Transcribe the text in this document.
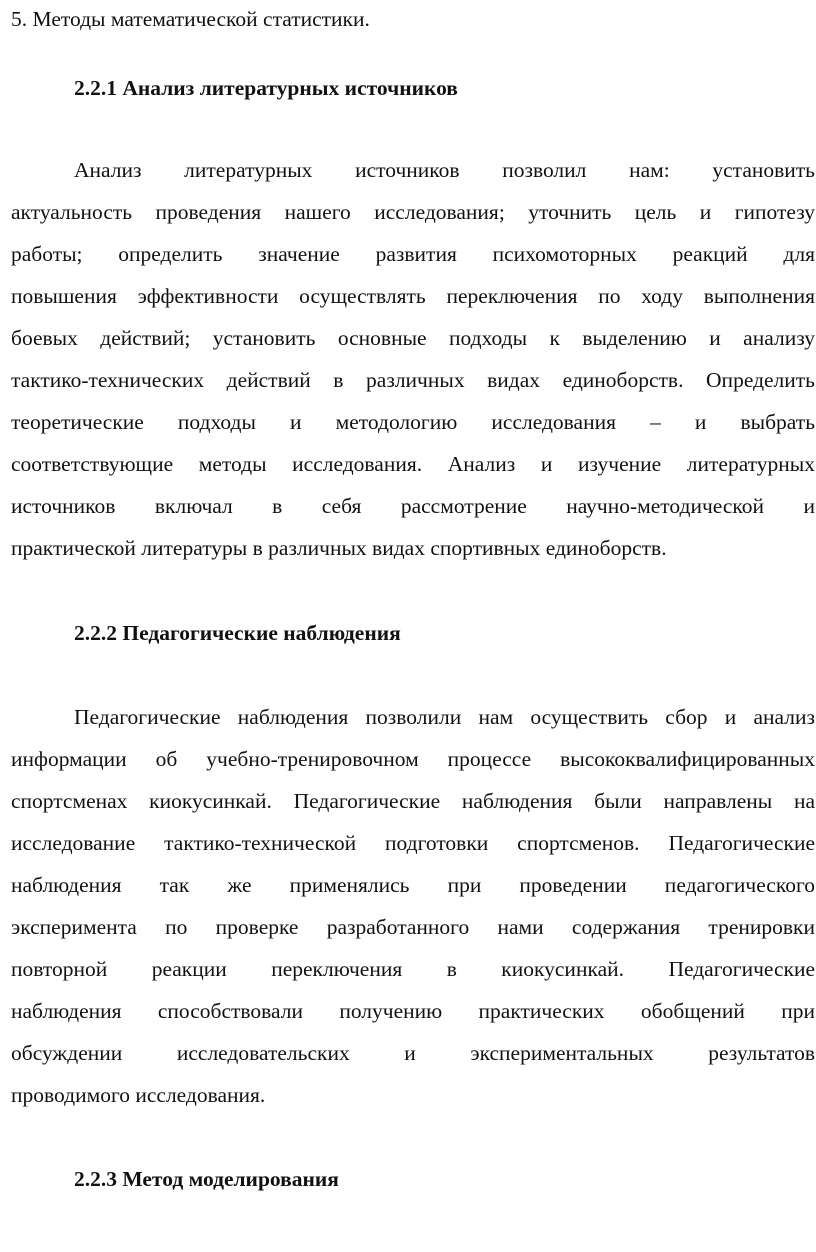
5. Методы математической статистики.
2.2.1 Анализ литературных источников
Анализ литературных источников позволил нам: установить
актуальность проведения нашего исследования; уточнить цель и гипотезу
работы; определить значение развития психомоторных реакций для
повышения эффективности осуществлять переключения по ходу выполнения
боевых действий; установить основные подходы к выделению и анализу
тактико-технических действий в различных видах единоборств. Определить
теоретические подходы и методологию исследования – и выбрать
соответствующие методы исследования. Анализ и изучение литературных
источников включал в себя рассмотрение научно-методической и
практической литературы в различных видах спортивных единоборств.
2.2.2 Педагогические наблюдения
Педагогические наблюдения позволили нам осуществить сбор и анализ
информации об учебно-тренировочном процессе высококвалифицированных
спортсменах киокусинкай. Педагогические наблюдения были направлены на
исследование тактико-технической подготовки спортсменов. Педагогические
наблюдения так же применялись при проведении педагогического
эксперимента по проверке разработанного нами содержания тренировки
повторной реакции переключения в киокусинкай. Педагогические
наблюдения способствовали получению практических обобщений при
обсуждении исследовательских и экспериментальных результатов
проводимого исследования.
2.2.3 Метод моделирования
